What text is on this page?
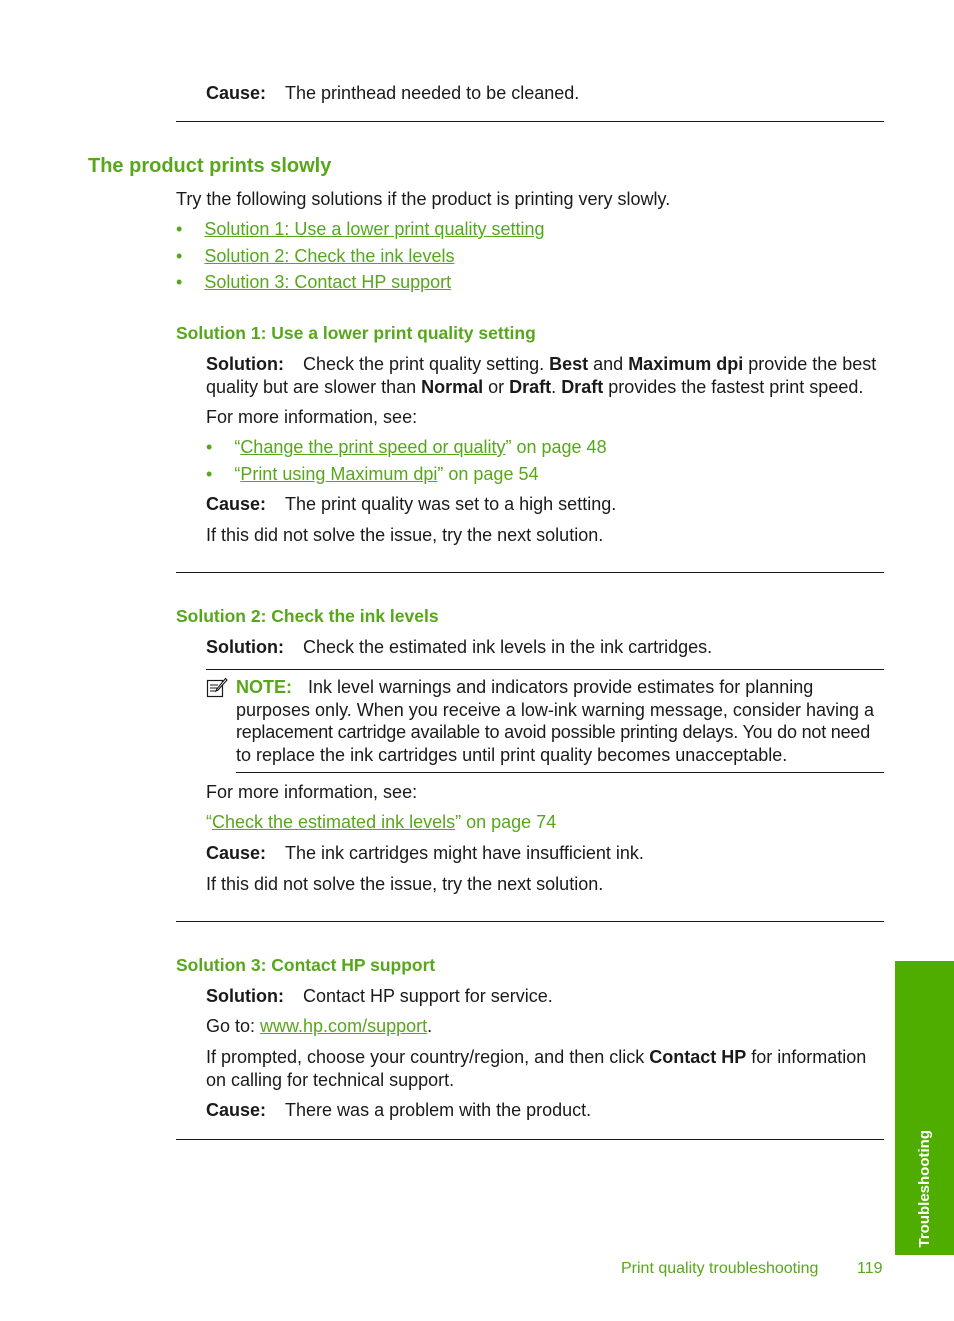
Cause: The printhead needed to be cleaned.
The product prints slowly
Try the following solutions if the product is printing very slowly.
• Solution 1: Use a lower print quality setting
• Solution 2: Check the ink levels
• Solution 3: Contact HP support
Solution 1: Use a lower print quality setting
Solution: Check the print quality setting. Best and Maximum dpi provide the best
quality but are slower than Normal or Draft. Draft provides the fastest print speed.
For more information, see:
• “Change the print speed or quality” on page 48
• “Print using Maximum dpi” on page 54
Cause: The print quality was set to a high setting.
If this did not solve the issue, try the next solution.
Solution 2: Check the ink levels
Solution: Check the estimated ink levels in the ink cartridges.
NOTE: Ink level warnings and indicators provide estimates for planning
purposes only. When you receive a low-ink warning message, consider having a
replacement cartridge available to avoid possible printing delays. You do not need
to replace the ink cartridges until print quality becomes unacceptable.
For more information, see:
“Check the estimated ink levels” on page 74
Cause: The ink cartridges might have insufficient ink.
If this did not solve the issue, try the next solution.
Solution 3: Contact HP support
Solution: Contact HP support for service.
Go to: www.hp.com/support.
If prompted, choose your country/region, and then click Contact HP for information
on calling for technical support.
Cause: There was a problem with the product.
Troubleshooting
Print quality troubleshooting 119
